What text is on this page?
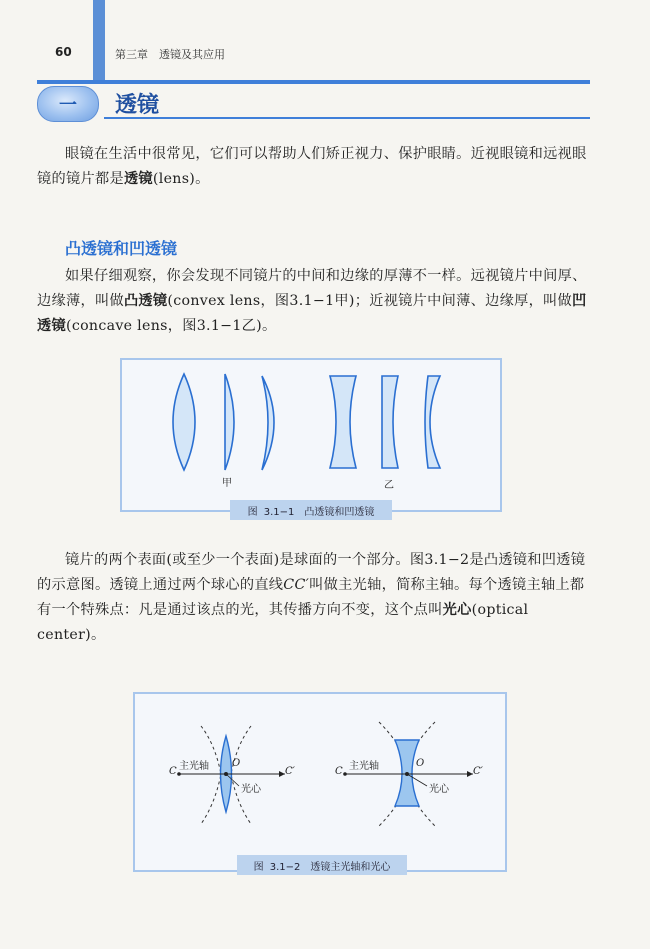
60	第三章　透镜及其应用
一	透镜
眼镜在生活中很常见，它们可以帮助人们矫正视力、保护眼睛。近视眼镜和远视眼镜的镜片都是透镜(lens)。
凸透镜和凹透镜
如果仔细观察，你会发现不同镜片的中间和边缘的厚薄不一样。远视镜片中间厚、边缘薄，叫做凸透镜(convex lens，图3.1−1甲)；近视镜片中间薄、边缘厚，叫做凹透镜(concave lens，图3.1−1乙)。
甲	乙
图 3.1−1　凸透镜和凹透镜
镜片的两个表面(或至少一个表面)是球面的一个部分。图3.1−2是凸透镜和凹透镜的示意图。透镜上通过两个球心的直线CC′叫做主光轴，简称主轴。每个透镜主轴上都有一个特殊点：凡是通过该点的光，其传播方向不变，这个点叫光心(optical center)。
C 主光轴 O
C′
光心
C 主光轴	O
C′
光心
图 3.1−2　透镜主光轴和光心
